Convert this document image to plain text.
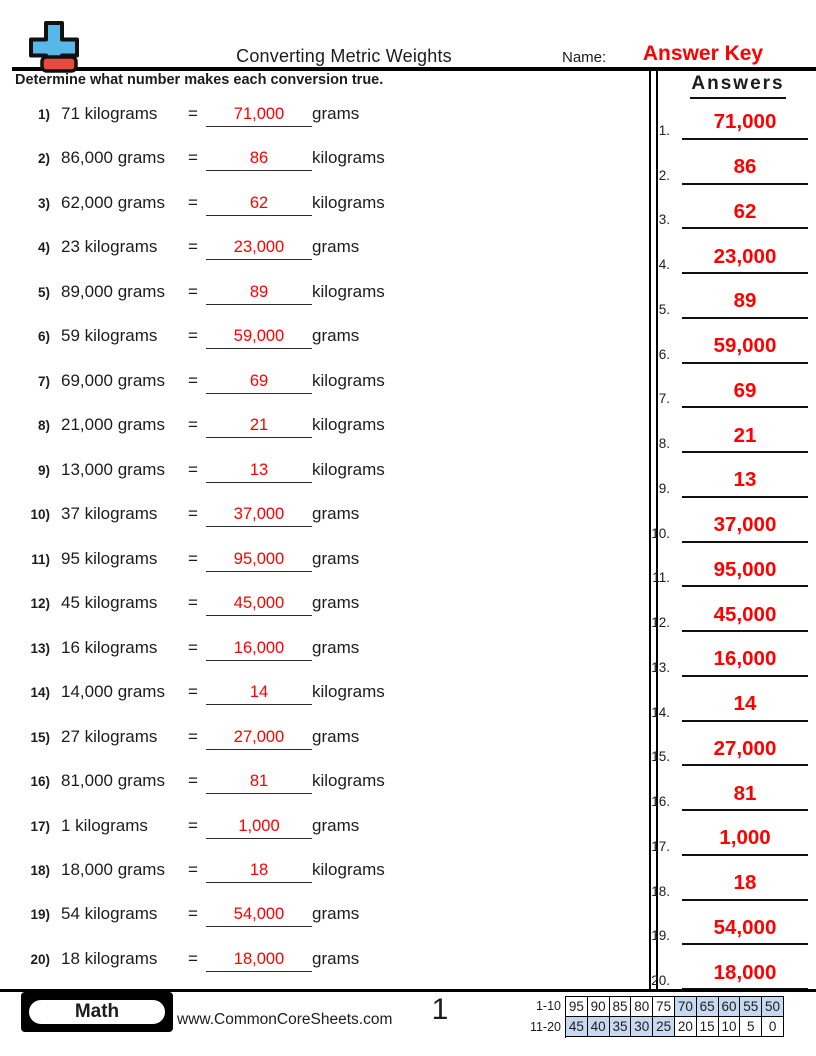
Converting Metric Weights	Name:	Answer Key
Determine what number makes each conversion true.
1) 71 kilograms	=	71,000	grams
2) 86,000 grams	=	86	kilograms
3) 62,000 grams	=	62	kilograms
4) 23 kilograms	=	23,000	grams
5) 89,000 grams	=	89	kilograms
6) 59 kilograms	=	59,000	grams
7) 69,000 grams	=	69	kilograms
8) 21,000 grams	=	21	kilograms
9) 13,000 grams	=	13	kilograms
10) 37 kilograms	=	37,000	grams
11) 95 kilograms	=	95,000	grams
12) 45 kilograms	=	45,000	grams
13) 16 kilograms	=	16,000	grams
14) 14,000 grams	=	14	kilograms
15) 27 kilograms	=	27,000	grams
16) 81,000 grams	=	81	kilograms
17) 1 kilograms	=	1,000	grams
18) 18,000 grams	=	18	kilograms
19) 54 kilograms	=	54,000	grams
20) 18 kilograms	=	18,000	grams
Answers
1.	71,000
2.	86
3.	62
4.	23,000
5.	89
6.	59,000
7.	69
8.	21
9.	13
10.	37,000
11.	95,000
12.	45,000
13.	16,000
14.	14
15.	27,000
16.	81
17.	1,000
18.	18
19.	54,000
20.	18,000
Math	www.CommonCoreSheets.com	1	1-10 95 90 85 80 75 70 65 60 55 50
11-20 45 40 35 30 25 20 15 10 5	0
